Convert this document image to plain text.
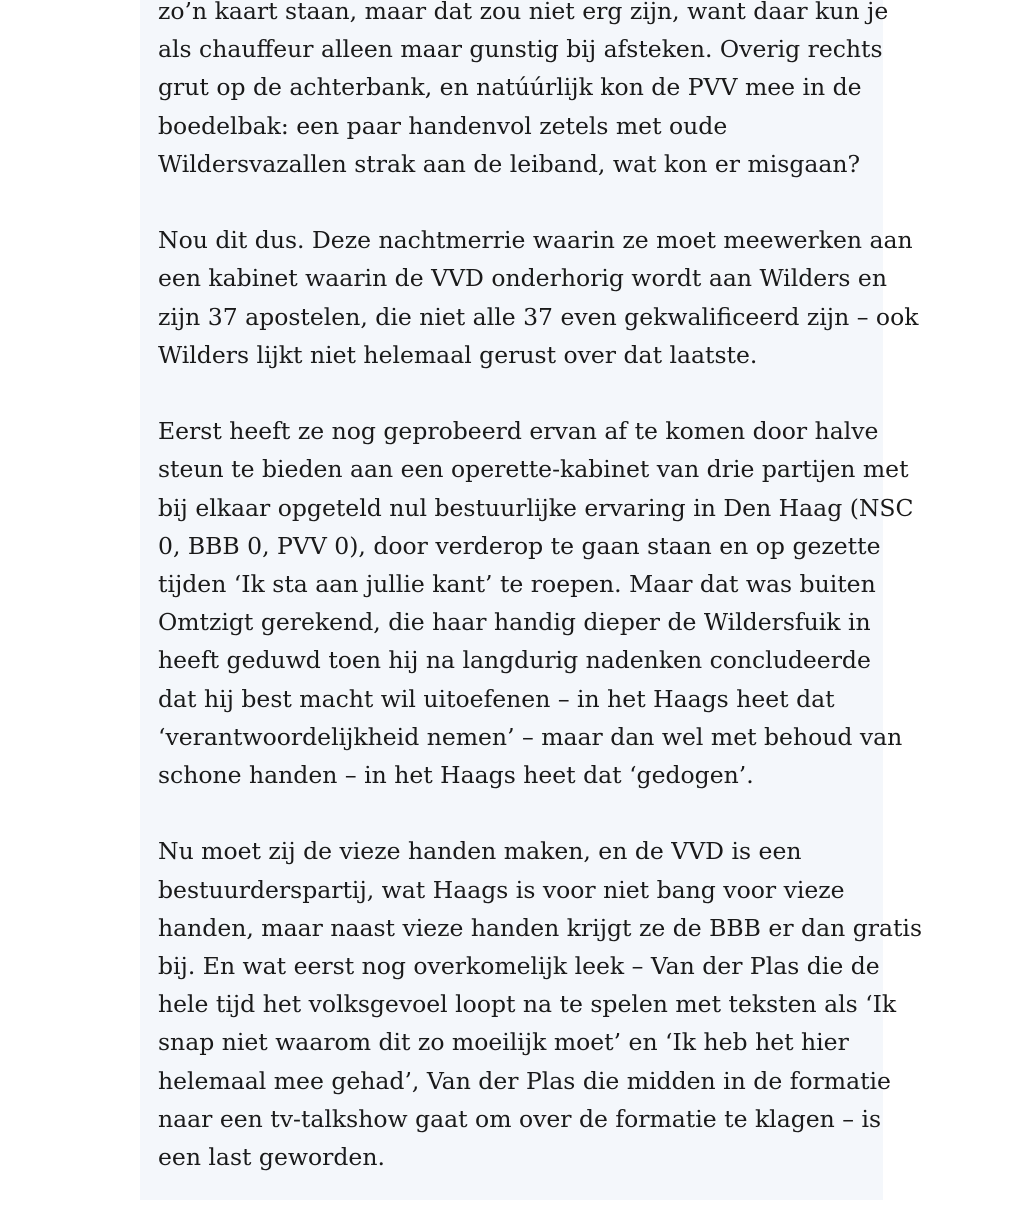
zo’n kaart staan, maar dat zou niet erg zijn, want daar kun je
als chauffeur alleen maar gunstig bij afsteken. Overig rechts
grut op de achterbank, en natúúrlijk kon de PVV mee in de
boedelbak: een paar handenvol zetels met oude
Wildersvazallen strak aan de leiband, wat kon er misgaan?

Nou dit dus. Deze nachtmerrie waarin ze moet meewerken aan
een kabinet waarin de VVD onderhorig wordt aan Wilders en
zijn 37 apostelen, die niet alle 37 even gekwalificeerd zijn – ook
Wilders lijkt niet helemaal gerust over dat laatste.

Eerst heeft ze nog geprobeerd ervan af te komen door halve
steun te bieden aan een operette-kabinet van drie partijen met
bij elkaar opgeteld nul bestuurlijke ervaring in Den Haag (NSC
0, BBB 0, PVV 0), door verderop te gaan staan en op gezette
tijden ‘Ik sta aan jullie kant’ te roepen. Maar dat was buiten
Omtzigt gerekend, die haar handig dieper de Wildersfuik in
heeft geduwd toen hij na langdurig nadenken concludeerde
dat hij best macht wil uitoefenen – in het Haags heet dat
‘verantwoordelijkheid nemen’ – maar dan wel met behoud van
schone handen – in het Haags heet dat ‘gedogen’.

Nu moet zij de vieze handen maken, en de VVD is een
bestuurderspartij, wat Haags is voor niet bang voor vieze
handen, maar naast vieze handen krijgt ze de BBB er dan gratis
bij. En wat eerst nog overkomelijk leek – Van der Plas die de
hele tijd het volksgevoel loopt na te spelen met teksten als ‘Ik
snap niet waarom dit zo moeilijk moet’ en ‘Ik heb het hier
helemaal mee gehad’, Van der Plas die midden in de formatie
naar een tv-talkshow gaat om over de formatie te klagen – is
een last geworden.
